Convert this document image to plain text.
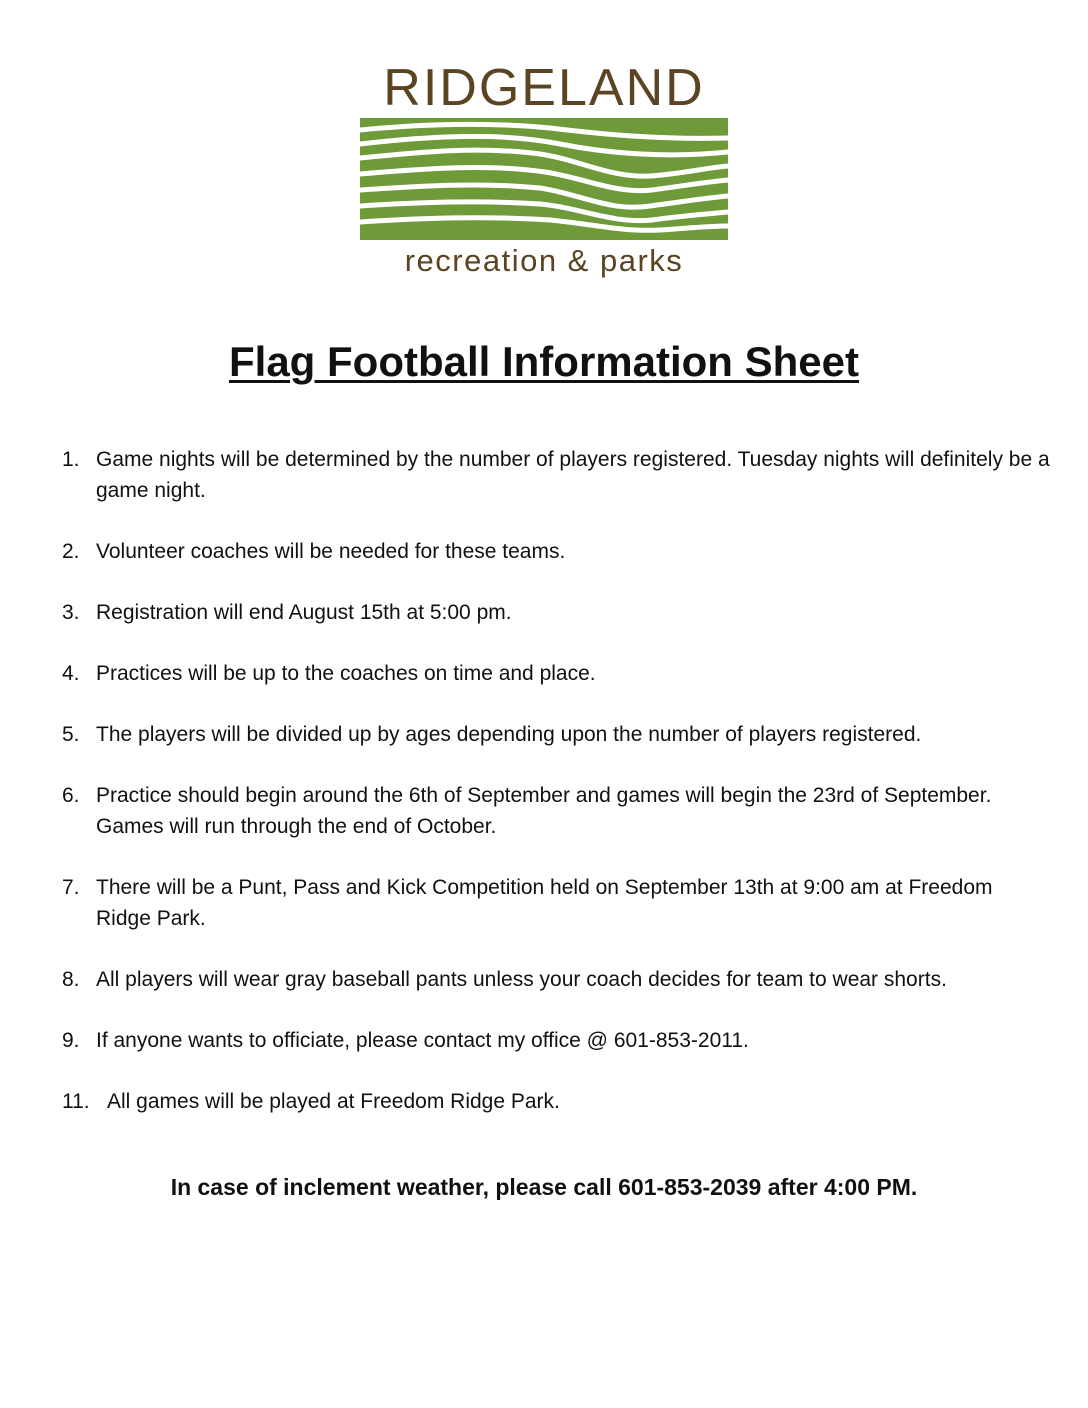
RIDGELAND
recreation & parks
Flag Football Information Sheet
1. Game nights will be determined by the number of players registered. Tuesday nights will definitely be a game night.
2. Volunteer coaches will be needed for these teams.
3. Registration will end August 15th at 5:00 pm.
4. Practices will be up to the coaches on time and place.
5. The players will be divided up by ages depending upon the number of players registered.
6. Practice should begin around the 6th of September and games will begin the 23rd of September. Games will run through the end of October.
7. There will be a Punt, Pass and Kick Competition held on September 13th at 9:00 am at Freedom Ridge Park.
8. All players will wear gray baseball pants unless your coach decides for team to wear shorts.
9. If anyone wants to officiate, please contact my office @ 601-853-2011.
11. All games will be played at Freedom Ridge Park.

In case of inclement weather, please call 601-853-2039 after 4:00 PM.
